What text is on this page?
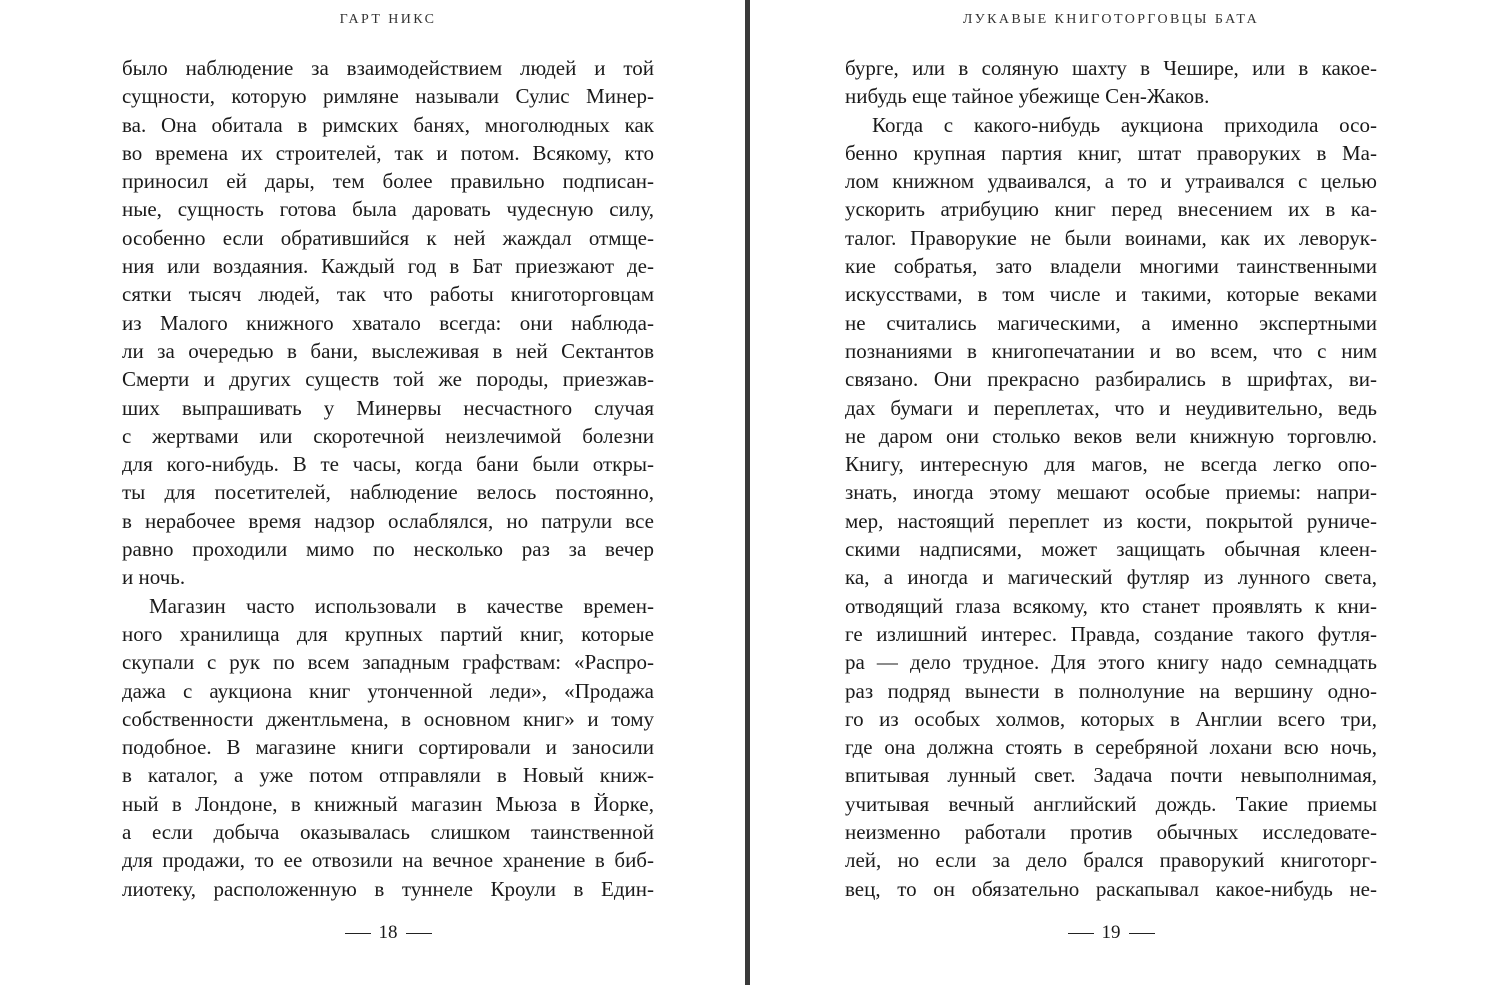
ГАРТ НИКС
было наблюдение за взаимодействием людей и той
сущности, которую римляне называли Сулис Минер-
ва. Она обитала в римских банях, многолюдных как
во времена их строителей, так и потом. Всякому, кто
приносил ей дары, тем более правильно подписан-
ные, сущность готова была даровать чудесную силу,
особенно если обратившийся к ней жаждал отмще-
ния или воздаяния. Каждый год в Бат приезжают де-
сятки тысяч людей, так что работы книготорговцам
из Малого книжного хватало всегда: они наблюда-
ли за очередью в бани, выслеживая в ней Сектантов
Смерти и других существ той же породы, приезжав-
ших выпрашивать у Минервы несчастного случая
с жертвами или скоротечной неизлечимой болезни
для кого-нибудь. В те часы, когда бани были откры-
ты для посетителей, наблюдение велось постоянно,
в нерабочее время надзор ослаблялся, но патрули все
равно проходили мимо по несколько раз за вечер
и ночь.
Магазин часто использовали в качестве времен-
ного хранилища для крупных партий книг, которые
скупали с рук по всем западным графствам: «Распро-
дажа с аукциона книг утонченной леди», «Продажа
собственности джентльмена, в основном книг» и тому
подобное. В магазине книги сортировали и заносили
в каталог, а уже потом отправляли в Новый книж-
ный в Лондоне, в книжный магазин Мьюза в Йорке,
а если добыча оказывалась слишком таинственной
для продажи, то ее отвозили на вечное хранение в биб-
лиотеку, расположенную в туннеле Кроули в Един-
18
ЛУКАВЫЕ КНИГОТОРГОВЦЫ БАТА
бурге, или в соляную шахту в Чешире, или в какое-
нибудь еще тайное убежище Сен-Жаков.
Когда с какого-нибудь аукциона приходила осо-
бенно крупная партия книг, штат праворуких в Ма-
лом книжном удваивался, а то и утраивался с целью
ускорить атрибуцию книг перед внесением их в ка-
талог. Праворукие не были воинами, как их леворук-
кие собратья, зато владели многими таинственными
искусствами, в том числе и такими, которые веками
не считались магическими, а именно экспертными
познаниями в книгопечатании и во всем, что с ним
связано. Они прекрасно разбирались в шрифтах, ви-
дах бумаги и переплетах, что и неудивительно, ведь
не даром они столько веков вели книжную торговлю.
Книгу, интересную для магов, не всегда легко опо-
знать, иногда этому мешают особые приемы: напри-
мер, настоящий переплет из кости, покрытой руниче-
скими надписями, может защищать обычная клеен-
ка, а иногда и магический футляр из лунного света,
отводящий глаза всякому, кто станет проявлять к кни-
ге излишний интерес. Правда, создание такого футля-
ра — дело трудное. Для этого книгу надо семнадцать
раз подряд вынести в полнолуние на вершину одно-
го из особых холмов, которых в Англии всего три,
где она должна стоять в серебряной лохани всю ночь,
впитывая лунный свет. Задача почти невыполнимая,
учитывая вечный английский дождь. Такие приемы
неизменно работали против обычных исследовате-
лей, но если за дело брался праворукий книготорг-
вец, то он обязательно раскапывал какое-нибудь не-
19
